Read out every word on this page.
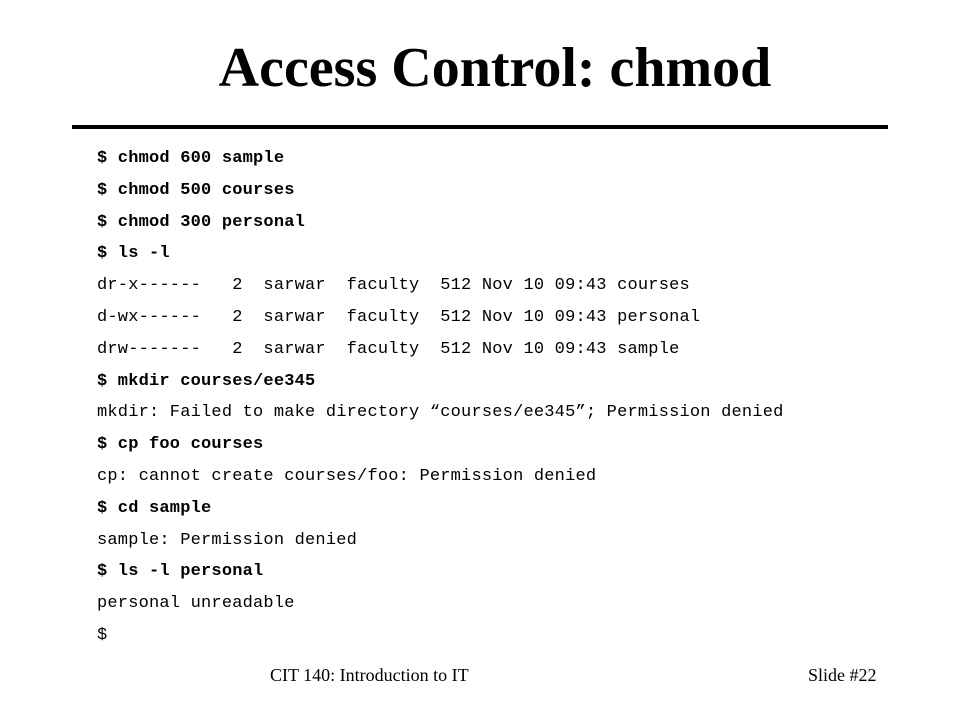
Access Control: chmod
$ chmod 600 sample
$ chmod 500 courses
$ chmod 300 personal
$ ls -l
dr-x------   2  sarwar  faculty  512 Nov 10 09:43 courses
d-wx------   2  sarwar  faculty  512 Nov 10 09:43 personal
drw-------   2  sarwar  faculty  512 Nov 10 09:43 sample
$ mkdir courses/ee345
mkdir: Failed to make directory “courses/ee345”; Permission denied
$ cp foo courses
cp: cannot create courses/foo: Permission denied
$ cd sample
sample: Permission denied
$ ls -l personal
personal unreadable
$
CIT 140: Introduction to IT	Slide #22
